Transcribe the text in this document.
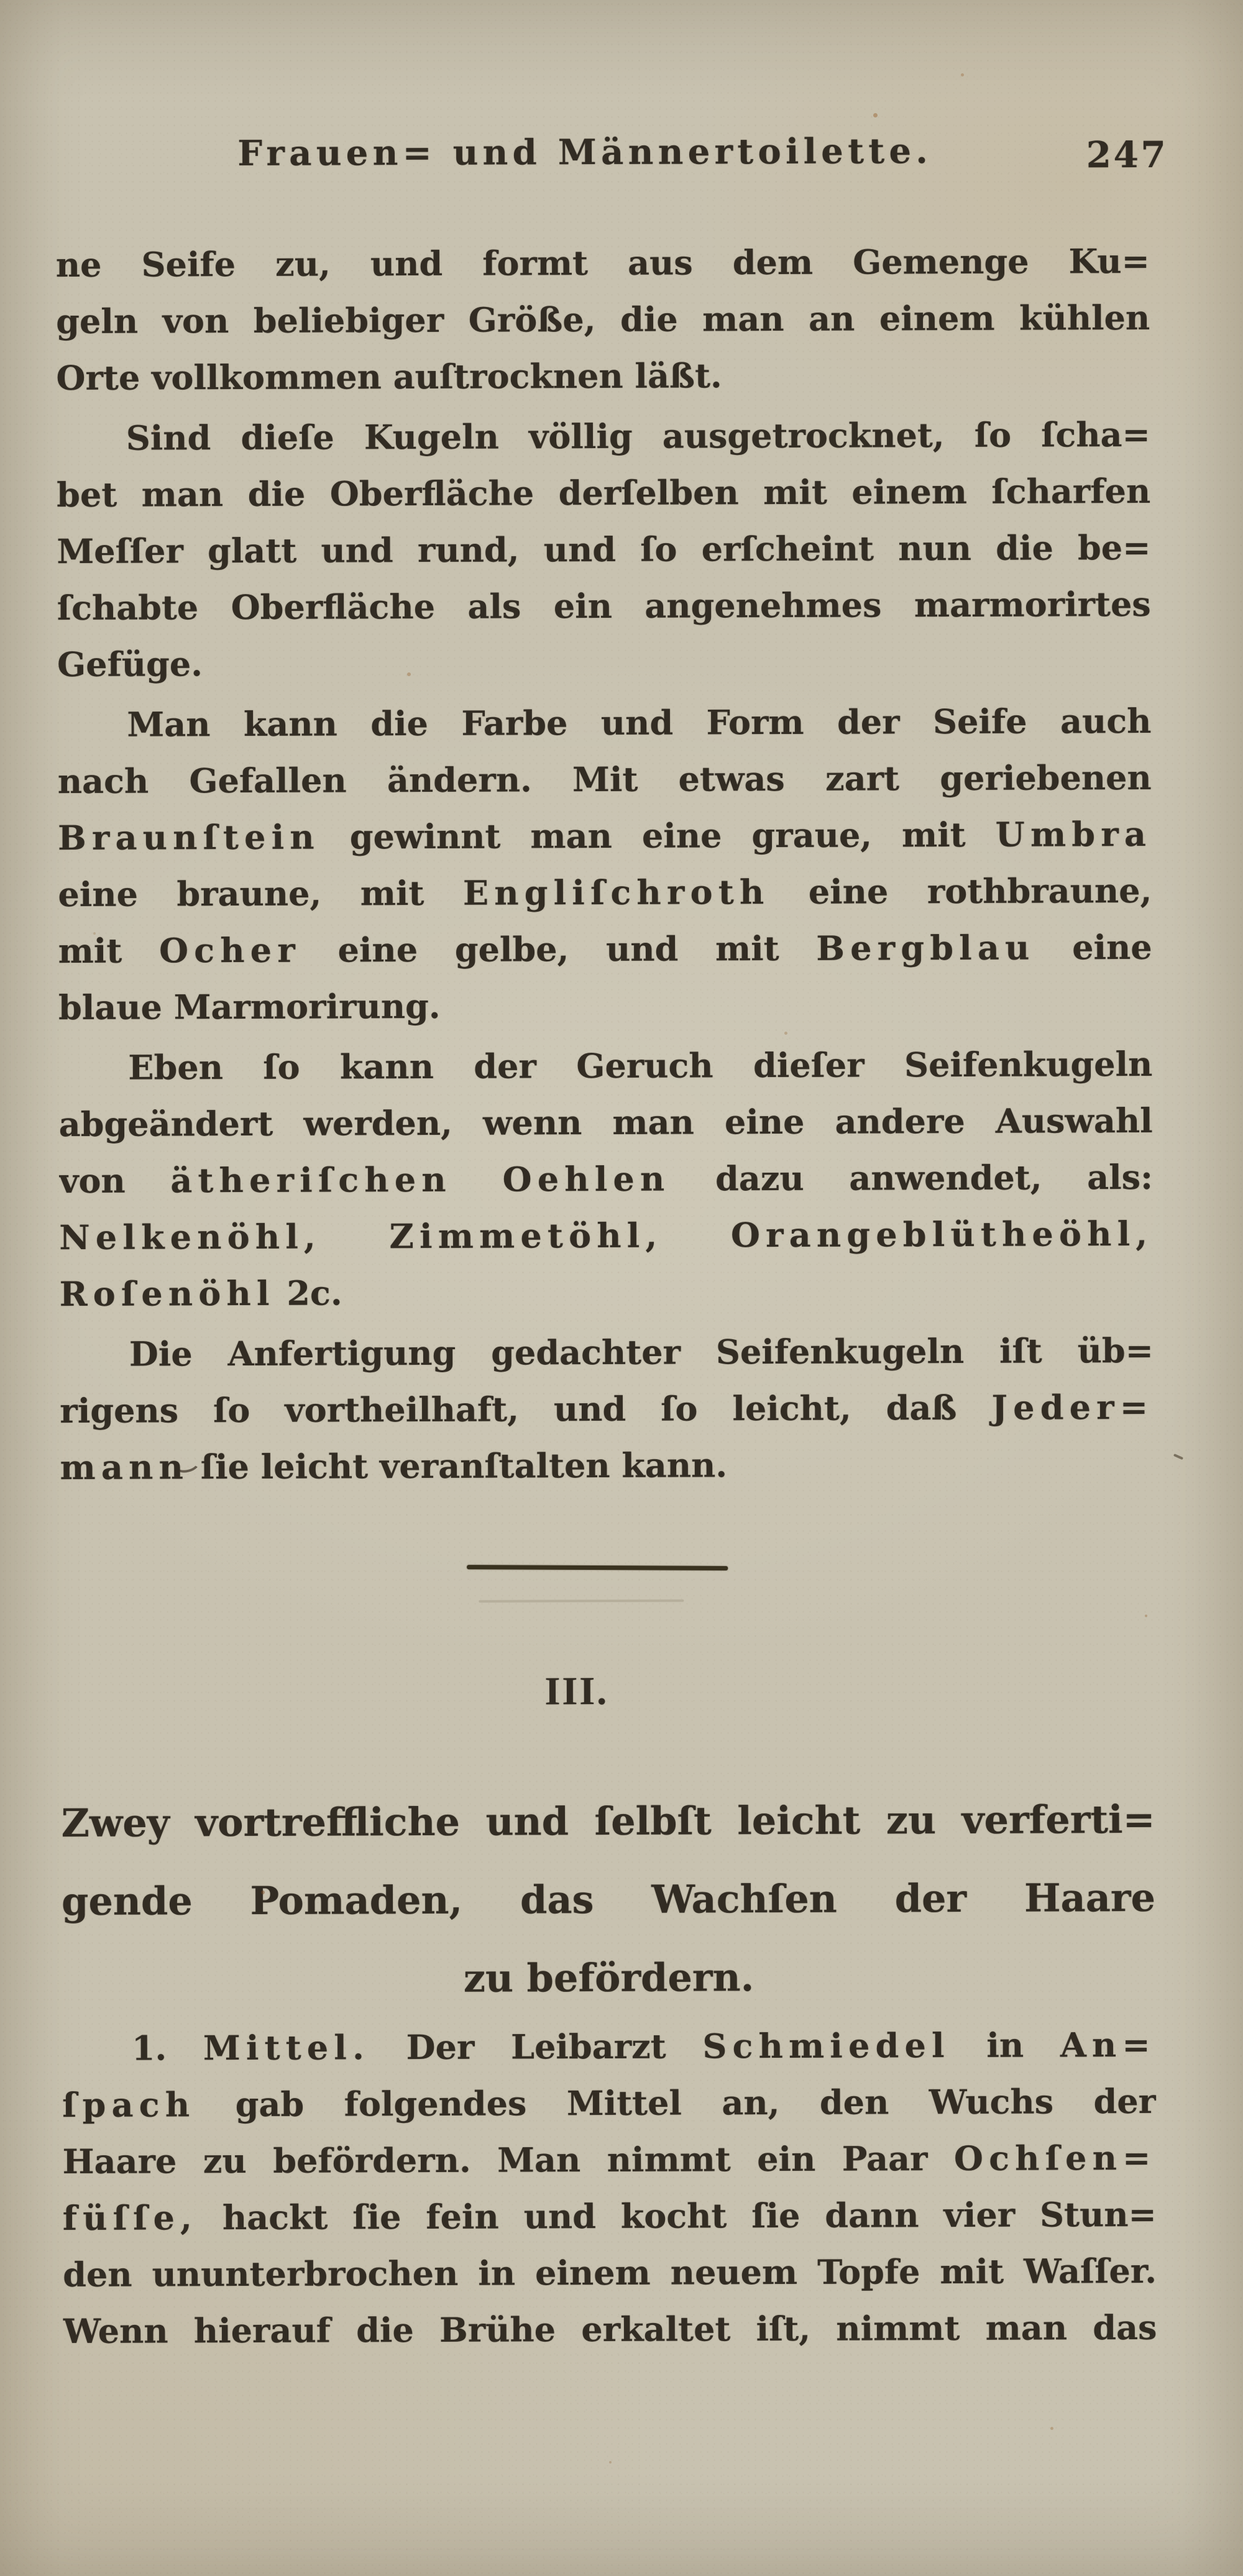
Frauen= und Männertoilette.	247
ne Seife zu, und formt aus dem Gemenge Ku=
geln von beliebiger Größe, die man an einem kühlen
Orte vollkommen auſtrocknen läßt.
Sind dieſe Kugeln völlig ausgetrocknet, ſo ſcha=
bet man die Oberfläche derſelben mit einem ſcharfen
Meſſer glatt und rund, und ſo erſcheint nun die be=
ſchabte Oberfläche als ein angenehmes marmorirtes
Gefüge.
Man kann die Farbe und Form der Seife auch
nach Gefallen ändern. Mit etwas zart geriebenen
Braunſtein gewinnt man eine graue, mit Umbra
eine braune, mit Engliſchroth eine rothbraune,
mit Ocher eine gelbe, und mit Bergblau eine
blaue Marmorirung.
Eben ſo kann der Geruch dieſer Seifenkugeln
abgeändert werden, wenn man eine andere Auswahl
von ätheriſchen Oehlen dazu anwendet, als:
Nelkenöhl, Zimmetöhl, Orangeblütheöhl,
Roſenöhl 2c.
Die Anfertigung gedachter Seifenkugeln iſt üb=
rigens ſo vortheilhaft, und ſo leicht, daß Jeder=
mann ſie leicht veranſtalten kann.
III.
Zwey vortreffliche und ſelbſt leicht zu verferti=
gende Pomaden, das Wachſen der Haare
zu befördern.
1. Mittel. Der Leibarzt Schmiedel in An=
ſpach gab folgendes Mittel an, den Wuchs der
Haare zu befördern. Man nimmt ein Paar Ochſen=
füſſe, hackt ſie fein und kocht ſie dann vier Stun=
den ununterbrochen in einem neuem Topfe mit Waſſer.
Wenn hierauf die Brühe erkaltet iſt, nimmt man das
